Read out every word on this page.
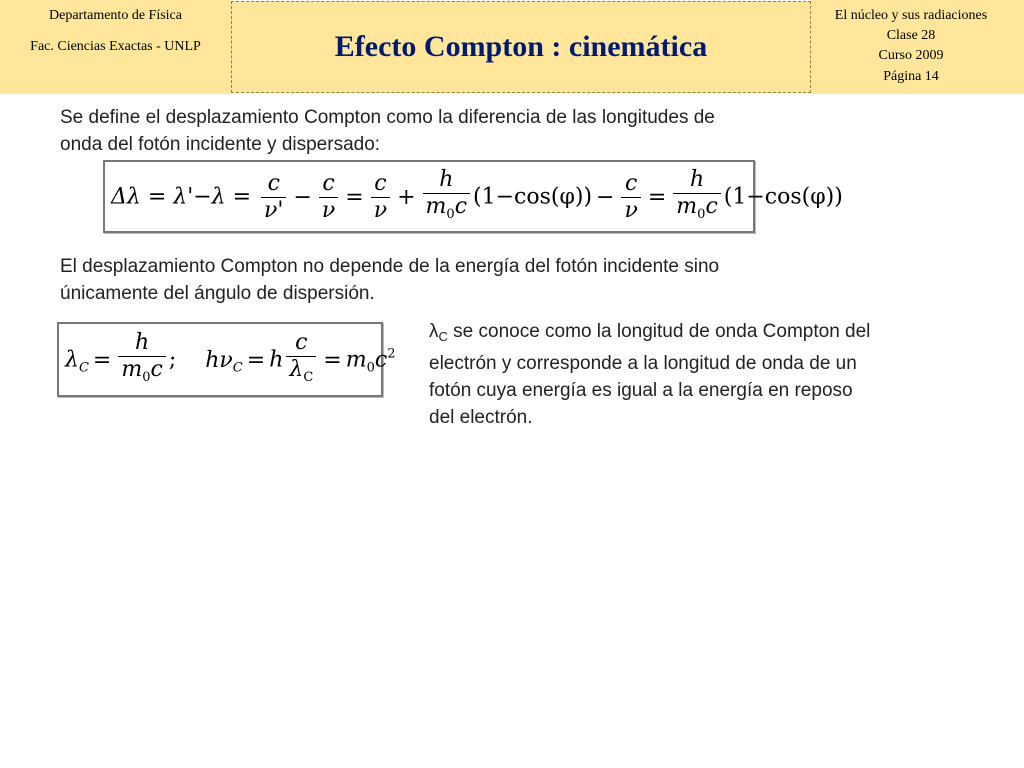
Departamento de Física
Fac. Ciencias Exactas - UNLP	Efecto Compton : cinemática
El núcleo y sus radiaciones
Clase 28
Curso 2009
Página 14
Se define el desplazamiento Compton como la diferencia de las longitudes de
onda del fotón incidente y dispersado:
$\Delta\lambda = \lambda'-\lambda = \frac{c}{\nu'} - \frac{c}{\nu} = \frac{c}{\nu} + \frac{h}{m_0c} (1-\cos(\varphi)) - \frac{c}{\nu} = \frac{h}{m_0c} (1-\cos(\varphi))$
El desplazamiento Compton no depende de la energía del fotón incidente sino
únicamente del ángulo de dispersión.
$\lambda_C = \frac{h}{m_0c}$ ; $h\nu_C = h \frac{c}{\lambda_C} = m_0c^2$
$\lambda_C$ se conoce como la longitud de onda Compton del
electrón y corresponde a la longitud de onda de un
fotón cuya energía es igual a la energía en reposo
del electrón.
